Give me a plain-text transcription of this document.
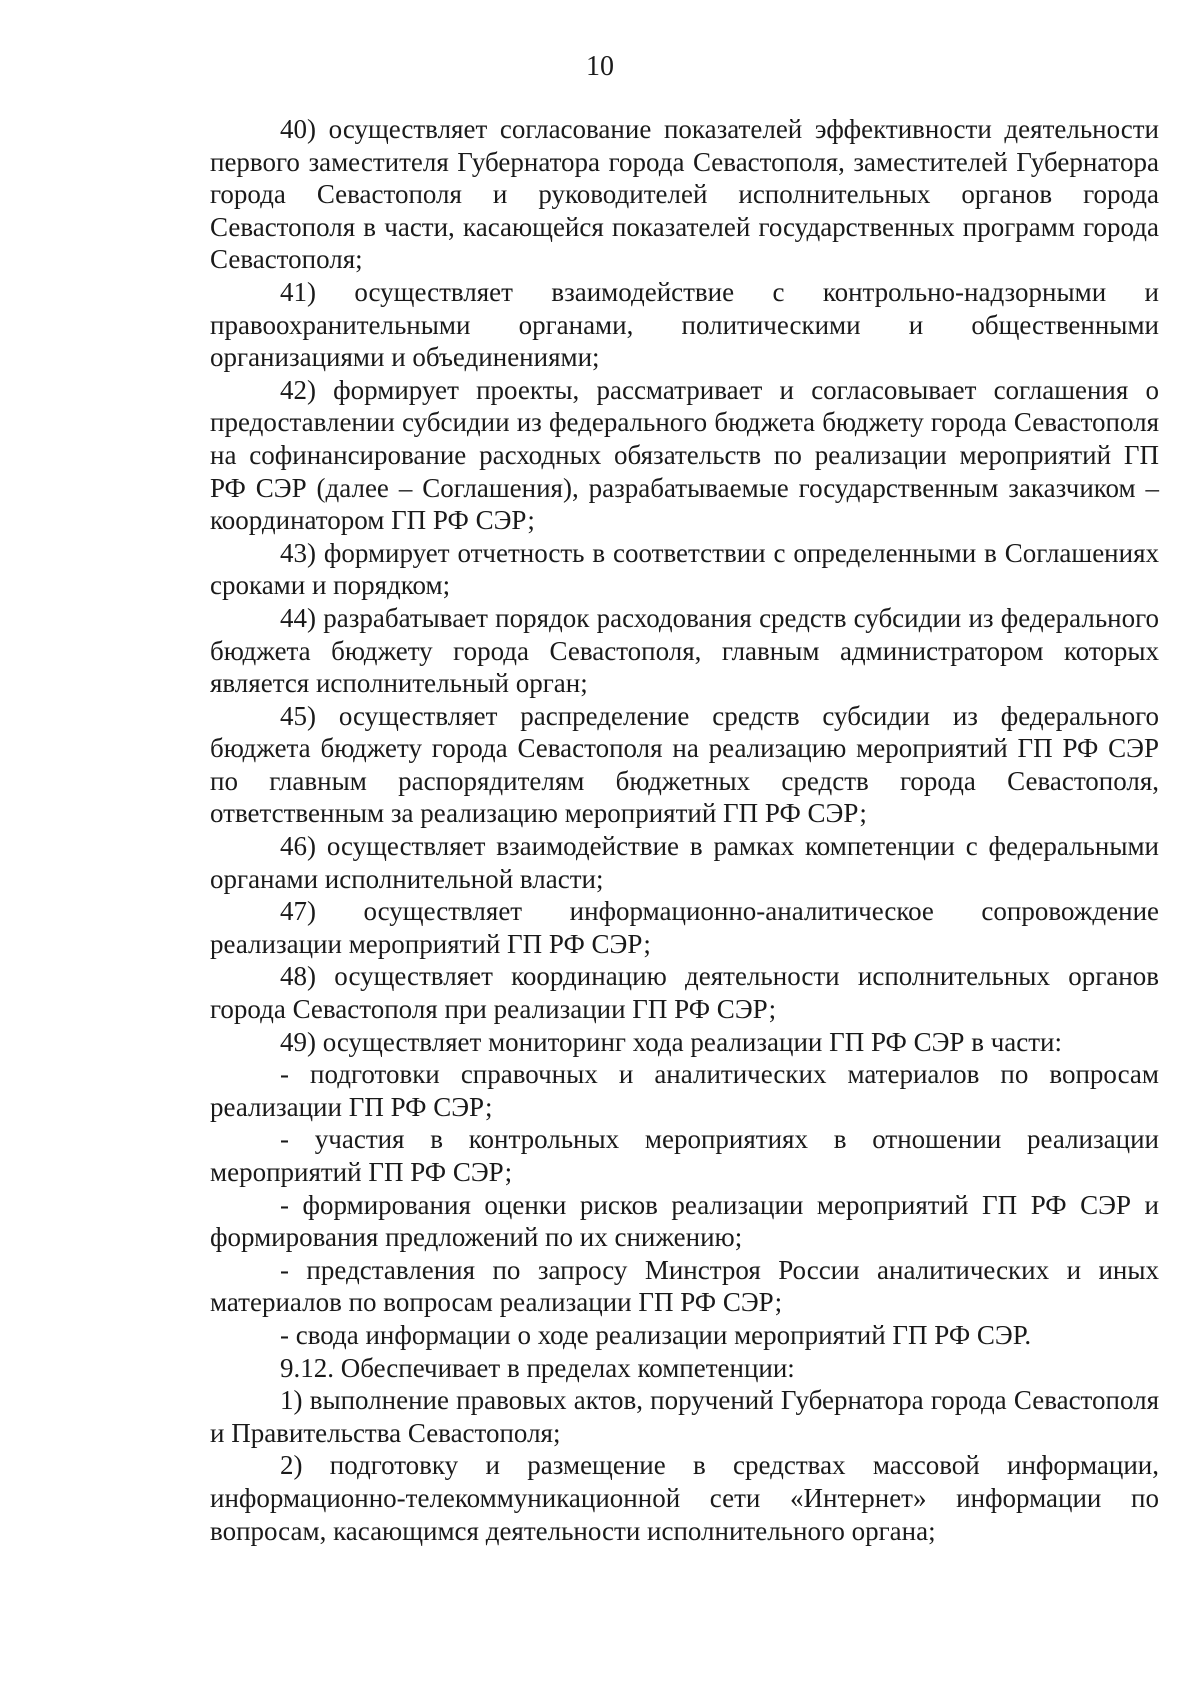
10

40) осуществляет согласование показателей эффективности деятельности первого заместителя Губернатора города Севастополя, заместителей Губернатора города Севастополя и руководителей исполнительных органов города Севастополя в части, касающейся показателей государственных программ города Севастополя;

41) осуществляет взаимодействие с контрольно-надзорными и правоохранительными органами, политическими и общественными организациями и объединениями;

42) формирует проекты, рассматривает и согласовывает соглашения о предоставлении субсидии из федерального бюджета бюджету города Севастополя на софинансирование расходных обязательств по реализации мероприятий ГП РФ СЭР (далее – Соглашения), разрабатываемые государственным заказчиком – координатором ГП РФ СЭР;

43) формирует отчетность в соответствии с определенными в Соглашениях сроками и порядком;

44) разрабатывает порядок расходования средств субсидии из федерального бюджета бюджету города Севастополя, главным администратором которых является исполнительный орган;

45) осуществляет распределение средств субсидии из федерального бюджета бюджету города Севастополя на реализацию мероприятий ГП РФ СЭР по главным распорядителям бюджетных средств города Севастополя, ответственным за реализацию мероприятий ГП РФ СЭР;

46) осуществляет взаимодействие в рамках компетенции с федеральными органами исполнительной власти;

47) осуществляет информационно-аналитическое сопровождение реализации мероприятий ГП РФ СЭР;

48) осуществляет координацию деятельности исполнительных органов города Севастополя при реализации ГП РФ СЭР;

49) осуществляет мониторинг хода реализации ГП РФ СЭР в части:

- подготовки справочных и аналитических материалов по вопросам реализации ГП РФ СЭР;

- участия в контрольных мероприятиях в отношении реализации мероприятий ГП РФ СЭР;

- формирования оценки рисков реализации мероприятий ГП РФ СЭР и формирования предложений по их снижению;

- представления по запросу Минстроя России аналитических и иных материалов по вопросам реализации ГП РФ СЭР;

- свода информации о ходе реализации мероприятий ГП РФ СЭР.

9.12. Обеспечивает в пределах компетенции:

1) выполнение правовых актов, поручений Губернатора города Севастополя и Правительства Севастополя;

2) подготовку и размещение в средствах массовой информации, информационно-телекоммуникационной сети «Интернет» информации по вопросам, касающимся деятельности исполнительного органа;
